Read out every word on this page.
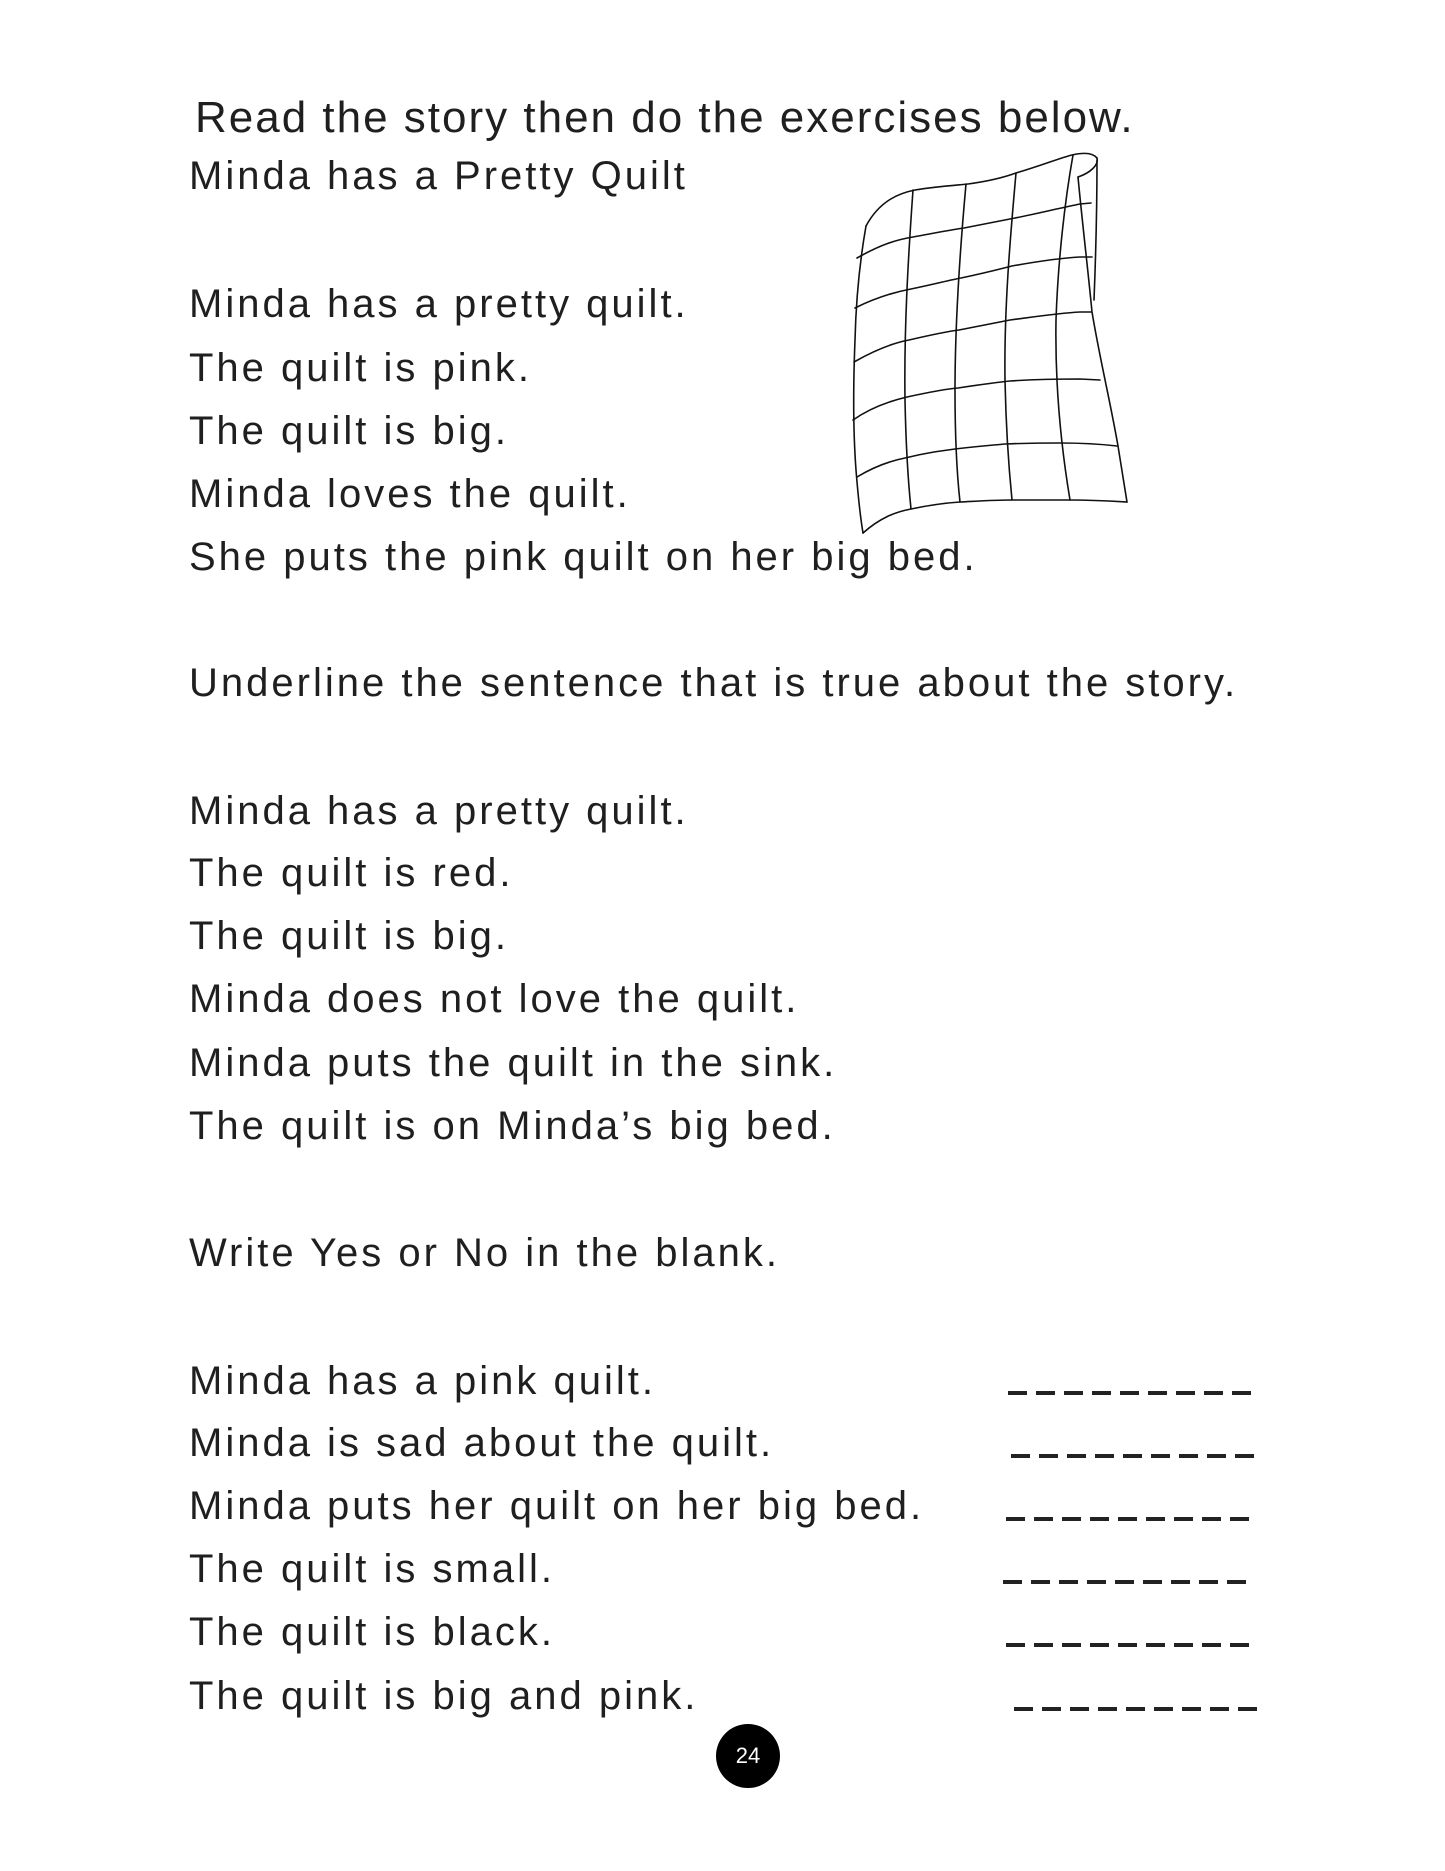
Read the story then do the exercises below.
Minda has a Pretty Quilt

Minda has a pretty quilt.

The quilt is pink.

The quilt is big.

Minda loves the quilt.

She puts the pink quilt on her big bed.

Underline the sentence that is true about the story.

Minda has a pretty quilt.

The quilt is red.

The quilt is big.

Minda does not love the quilt.

Minda puts the quilt in the sink.

The quilt is on Minda’s big bed.

Write Yes or No in the blank.

Minda has a pink quilt.

Minda is sad about the quilt.

Minda puts her quilt on her big bed.

The quilt is small.

The quilt is black.

The quilt is big and pink.

24
